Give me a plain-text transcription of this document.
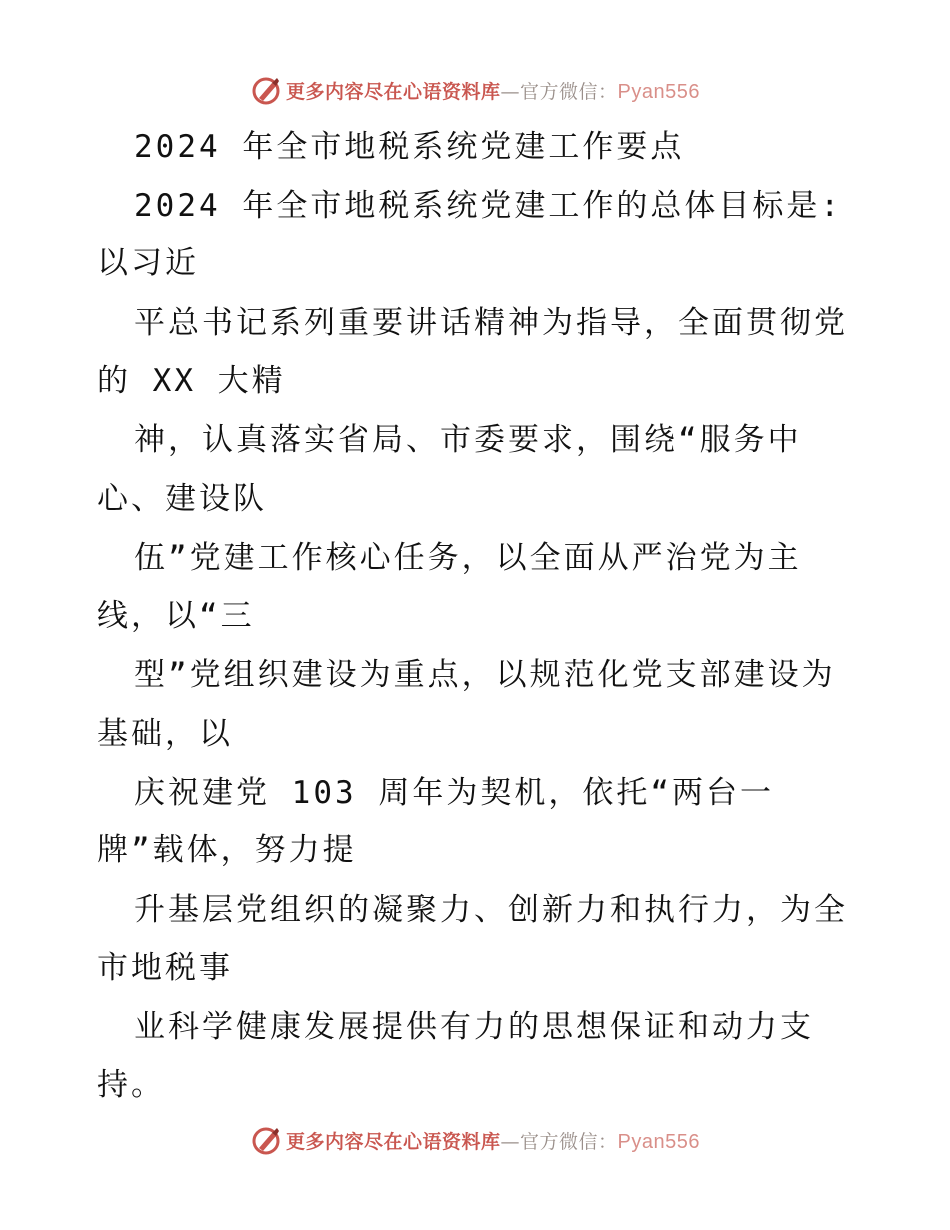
更多内容尽在心语资料库—官方微信：Pyan556
2024 年全市地税系统党建工作要点
2024 年全市地税系统党建工作的总体目标是:
以习近
平总书记系列重要讲话精神为指导，全面贯彻党
的 XX 大精
神，认真落实省局、市委要求，围绕“服务中
心、建设队
伍”党建工作核心任务，以全面从严治党为主
线，以“三
型”党组织建设为重点，以规范化党支部建设为
基础，以
庆祝建党 103 周年为契机，依托“两台一
牌”载体，努力提
升基层党组织的凝聚力、创新力和执行力，为全
市地税事
业科学健康发展提供有力的思想保证和动力支
持。
更多内容尽在心语资料库—官方微信：Pyan556
